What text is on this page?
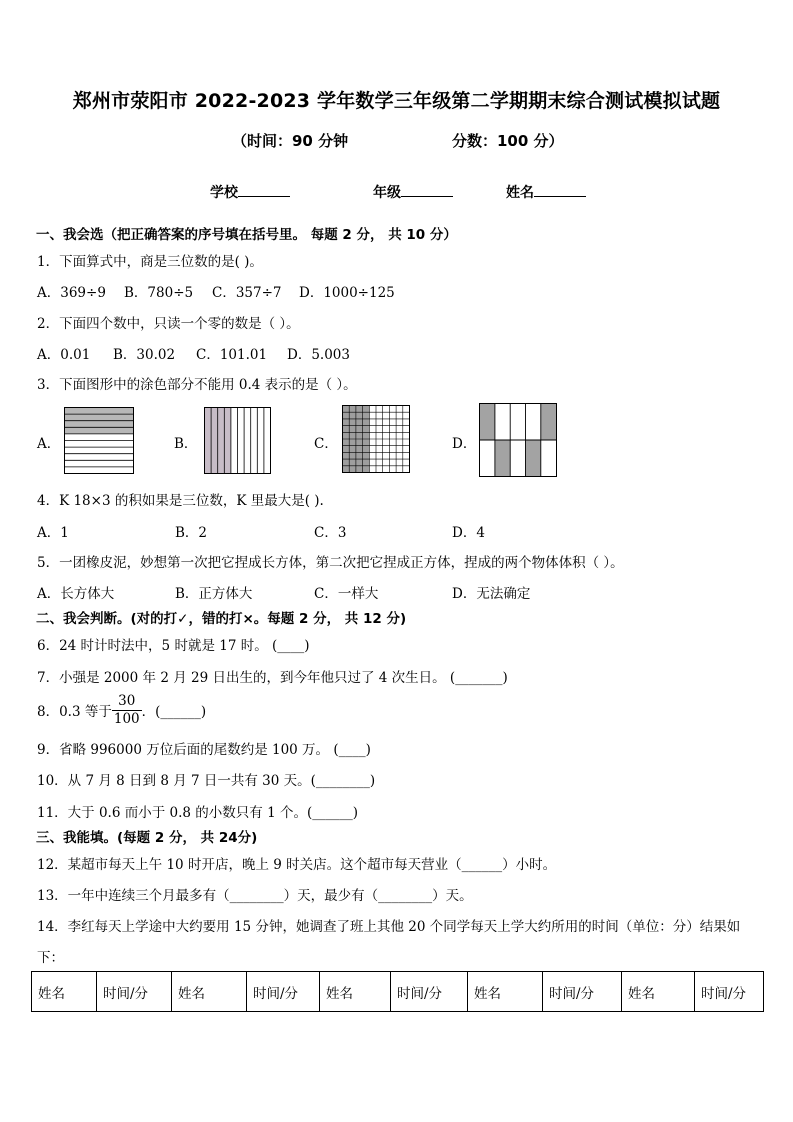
郑州市荥阳市 2022-2023 学年数学三年级第二学期期末综合测试模拟试题
（时间：90 分钟	分数：100 分）
学校	年级	姓名
一、我会选（把正确答案的序号填在括号里。 每题 2 分， 共 10 分）
1．下面算式中，商是三位数的是( )。
A．369÷9 B．780÷5 C．357÷7 D．1000÷125
2．下面四个数中，只读一个零的数是（ ）。
A．0.01 B．30.02 C．101.01 D．5.003
3．下面图形中的涂色部分不能用 0.4 表示的是（ ）。
A．	B．	C．	D．
4．K 18×3 的积如果是三位数，K 里最大是( ).
A．1	B．2	C．3	D．4
5．一团橡皮泥，妙想第一次把它捏成长方体，第二次把它捏成正方体，捏成的两个物体体积（ ）。
A．长方体大	B．正方体大	C．一样大	D．无法确定
二、我会判断。(对的打✓，错的打×。每题 2 分， 共 12 分)
6．24 时计时法中，5 时就是 17 时。 (____)
7．小强是 2000 年 2 月 29 日出生的，到今年他只过了 4 次生日。 (_______)
8．0.3 等于 $\frac{30}{100}$ ．(______)
9．省略 996000 万位后面的尾数约是 100 万。 (____)
10．从 7 月 8 日到 8 月 7 日一共有 30 天。(________)
11．大于 0.6 而小于 0.8 的小数只有 1 个。(______)
三、我能填。(每题 2 分， 共 24分)
12．某超市每天上午 10 时开店，晚上 9 时关店。这个超市每天营业（______）小时。
13．一年中连续三个月最多有（________）天，最少有（________）天。
14．李红每天上学途中大约要用 15 分钟，她调查了班上其他 20 个同学每天上学大约所用的时间（单位：分）结果如
下：
姓名	时间/分	姓名	时间/分	姓名	时间/分	姓名	时间/分	姓名	时间/分
